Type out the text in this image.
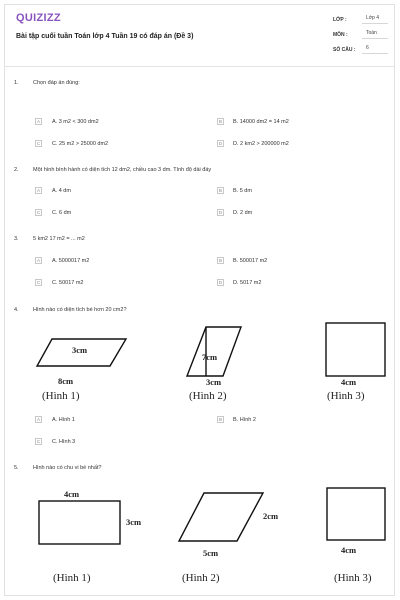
QUIZIZZ
Bài tập cuối tuần Toán lớp 4 Tuần 19 có đáp án (Đề 3)
LỚP :	Lớp 4
MÔN :	Toán
SỐ CÂU :	6
1.	Chọn đáp án đúng:
A	A. 3 m2 < 300 dm2	B	B. 14000 dm2 = 14 m2
C	C. 25 m2 > 25000 dm2	D	D. 2 km2 > 200000 m2
2.	Một hình bình hành có diện tích 12 dm2, chiều cao 3 dm. Tính độ dài đáy
A	A. 4 dm	B	B. 5 dm
C	C. 6 dm	D	D. 2 dm
3.	5 km2 17 m2 = ... m2
A	A. 5000017 m2	B	B. 500017 m2
C	C. 50017 m2	D	D. 5017 m2
4.	Hình nào có diện tích bé hơn 20 cm2?
3cm
8cm
(Hình 1)
7cm
3cm
(Hình 2)
4cm
(Hình 3)
A	A. Hình 1	B	B. Hình 2
C	C. Hình 3
5.	Hình nào có chu vi bé nhất?
4cm
3cm
(Hình 1)
2cm
5cm
(Hình 2)
4cm
(Hình 3)
